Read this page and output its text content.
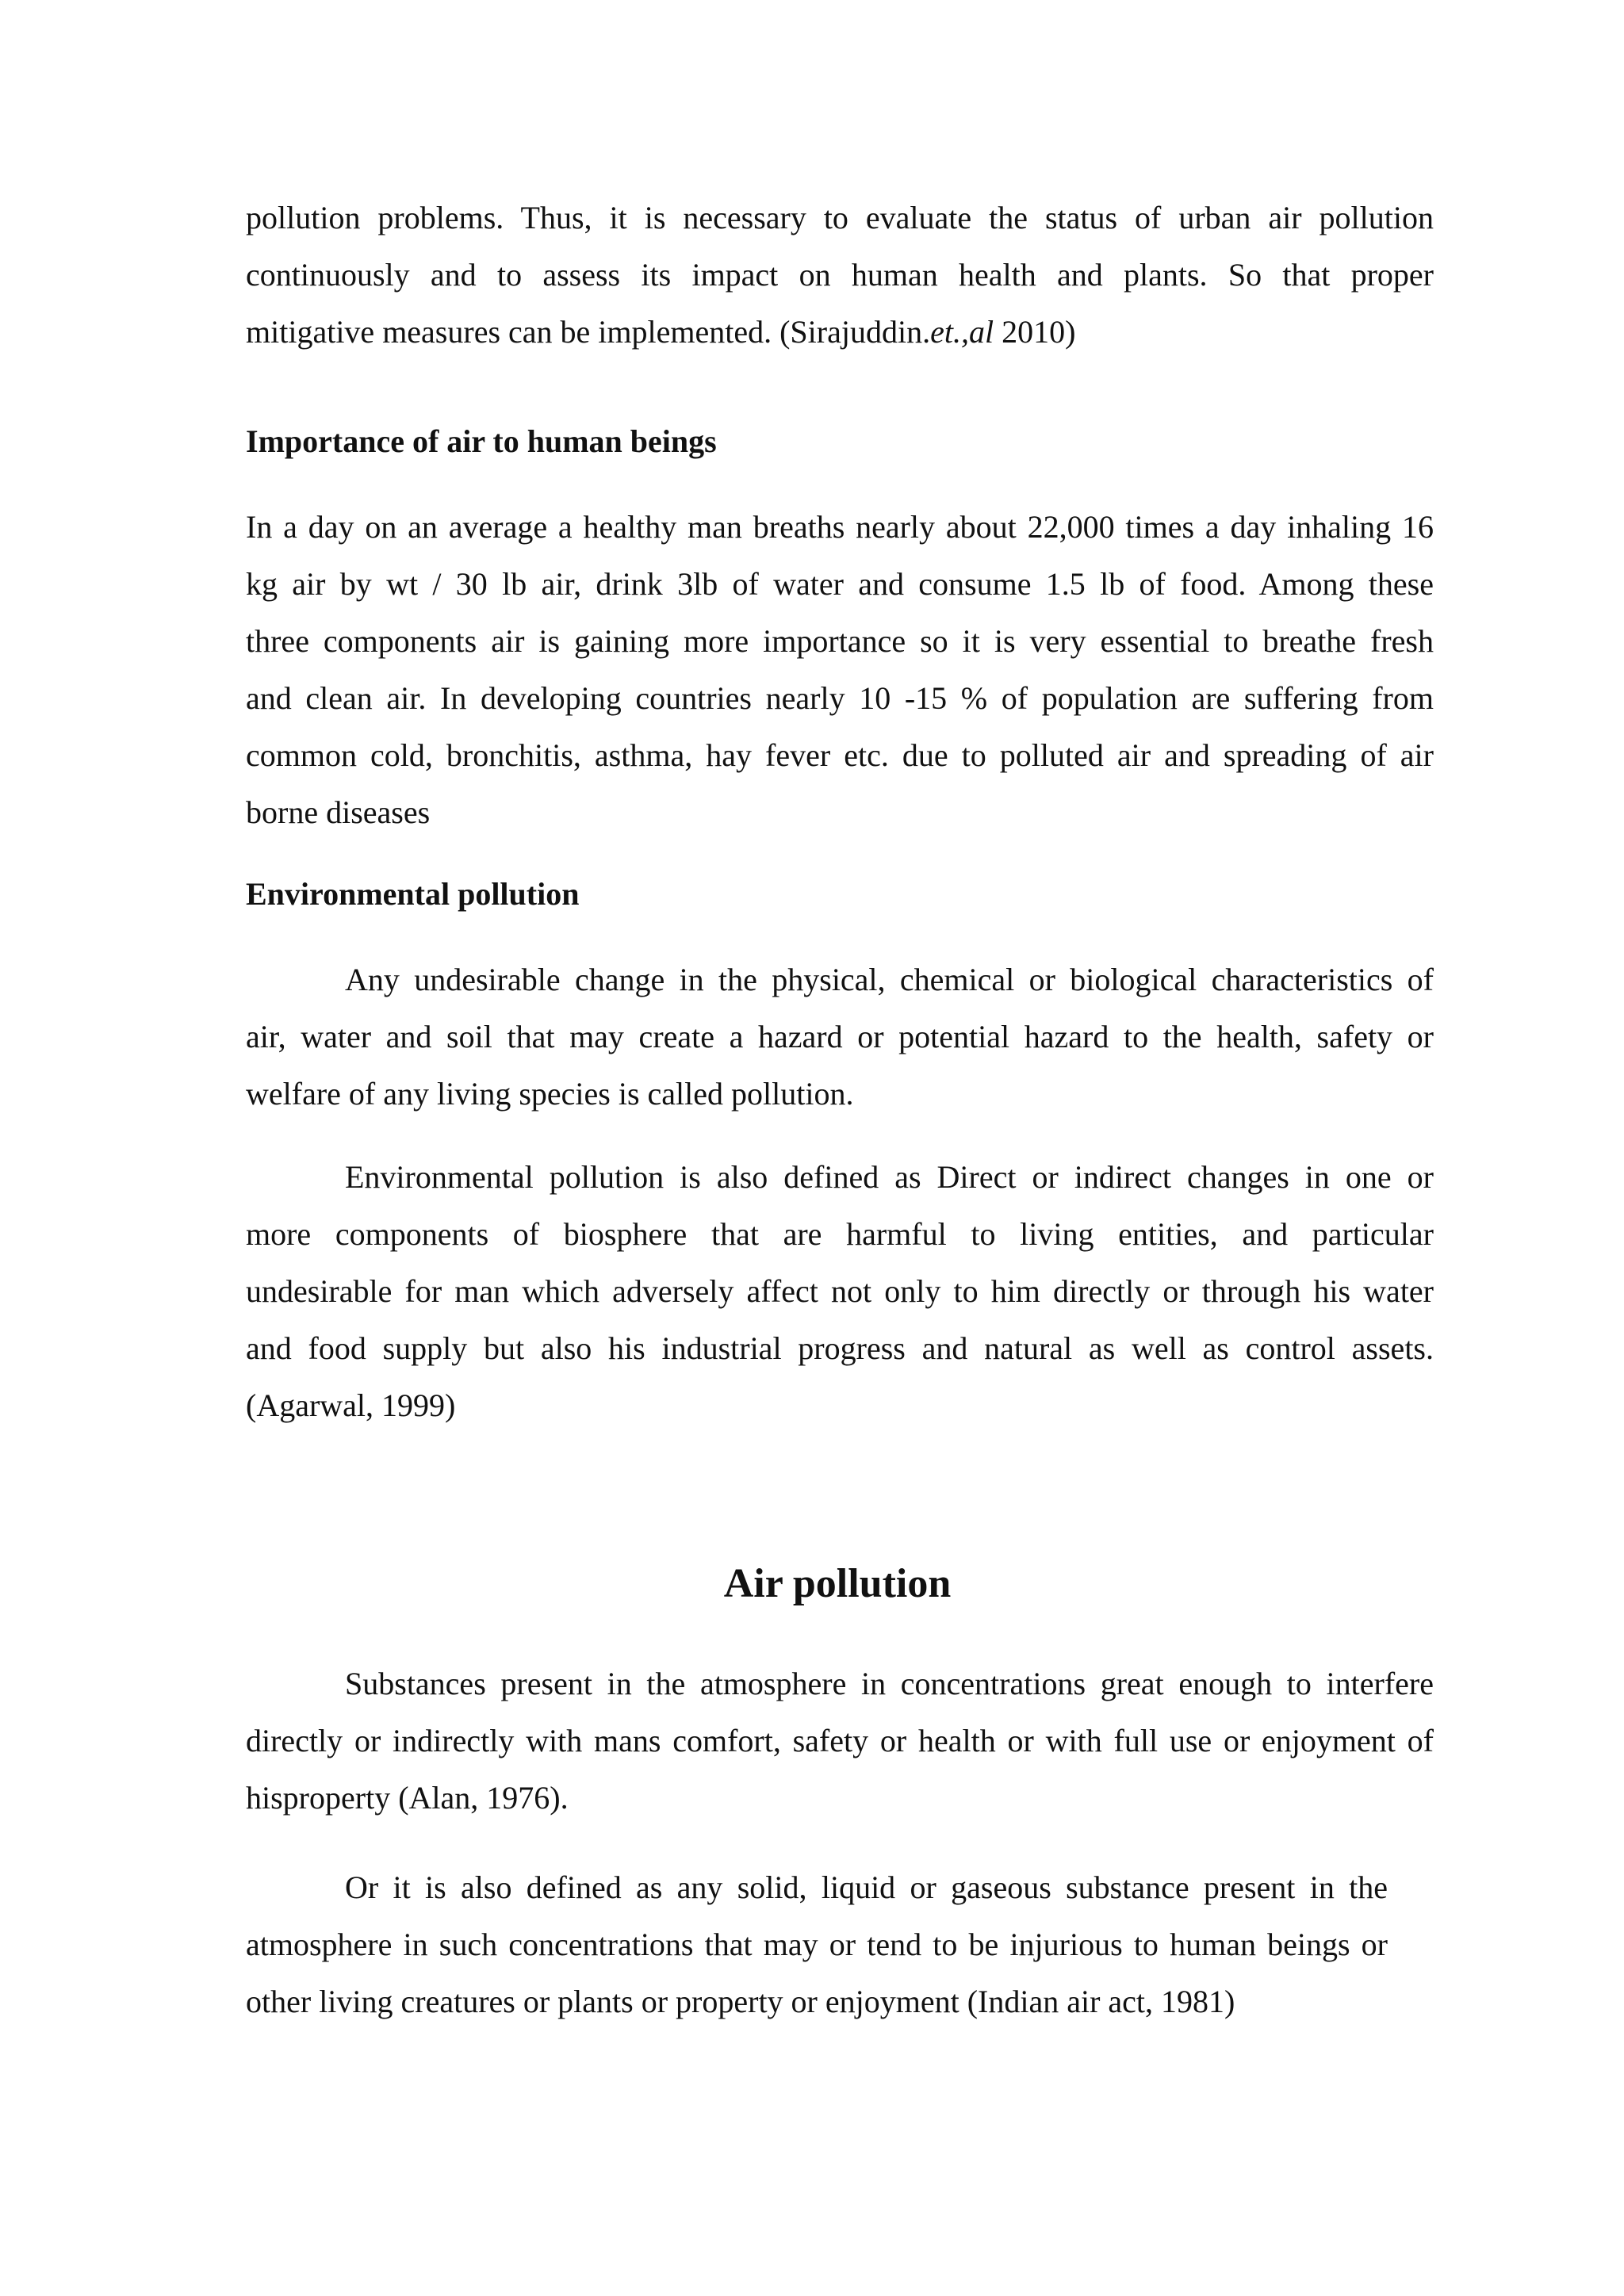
pollution problems. Thus, it is necessary to evaluate the status of urban air pollution
continuously and to assess its impact on human health and plants. So that proper
mitigative measures can be implemented. (Sirajuddin.et.,al 2010)
Importance of air to human beings
In a day on an average a healthy man breaths nearly about 22,000 times a day inhaling 16
kg air by wt / 30 lb air, drink 3lb of water and consume 1.5 lb of food. Among these
three components air is gaining more importance so it is very essential to breathe fresh
and clean air. In developing countries nearly 10 -15 % of population are suffering from
common cold, bronchitis, asthma, hay fever etc. due to polluted air and spreading of air
borne diseases
Environmental pollution
Any undesirable change in the physical, chemical or biological characteristics of
air, water and soil that may create a hazard or potential hazard to the health, safety or
welfare of any living species is called pollution.
Environmental pollution is also defined as Direct or indirect changes in one or
more components of biosphere that are harmful to living entities, and particular
undesirable for man which adversely affect not only to him directly or through his water
and food supply but also his industrial progress and natural as well as control assets.
(Agarwal, 1999)
Air pollution
Substances present in the atmosphere in concentrations great enough to interfere
directly or indirectly with mans comfort, safety or health or with full use or enjoyment of
hisproperty (Alan, 1976).
Or it is also defined as any solid, liquid or gaseous substance present in the
atmosphere in such concentrations that may or tend to be injurious to human beings or
other living creatures or plants or property or enjoyment (Indian air act, 1981)
